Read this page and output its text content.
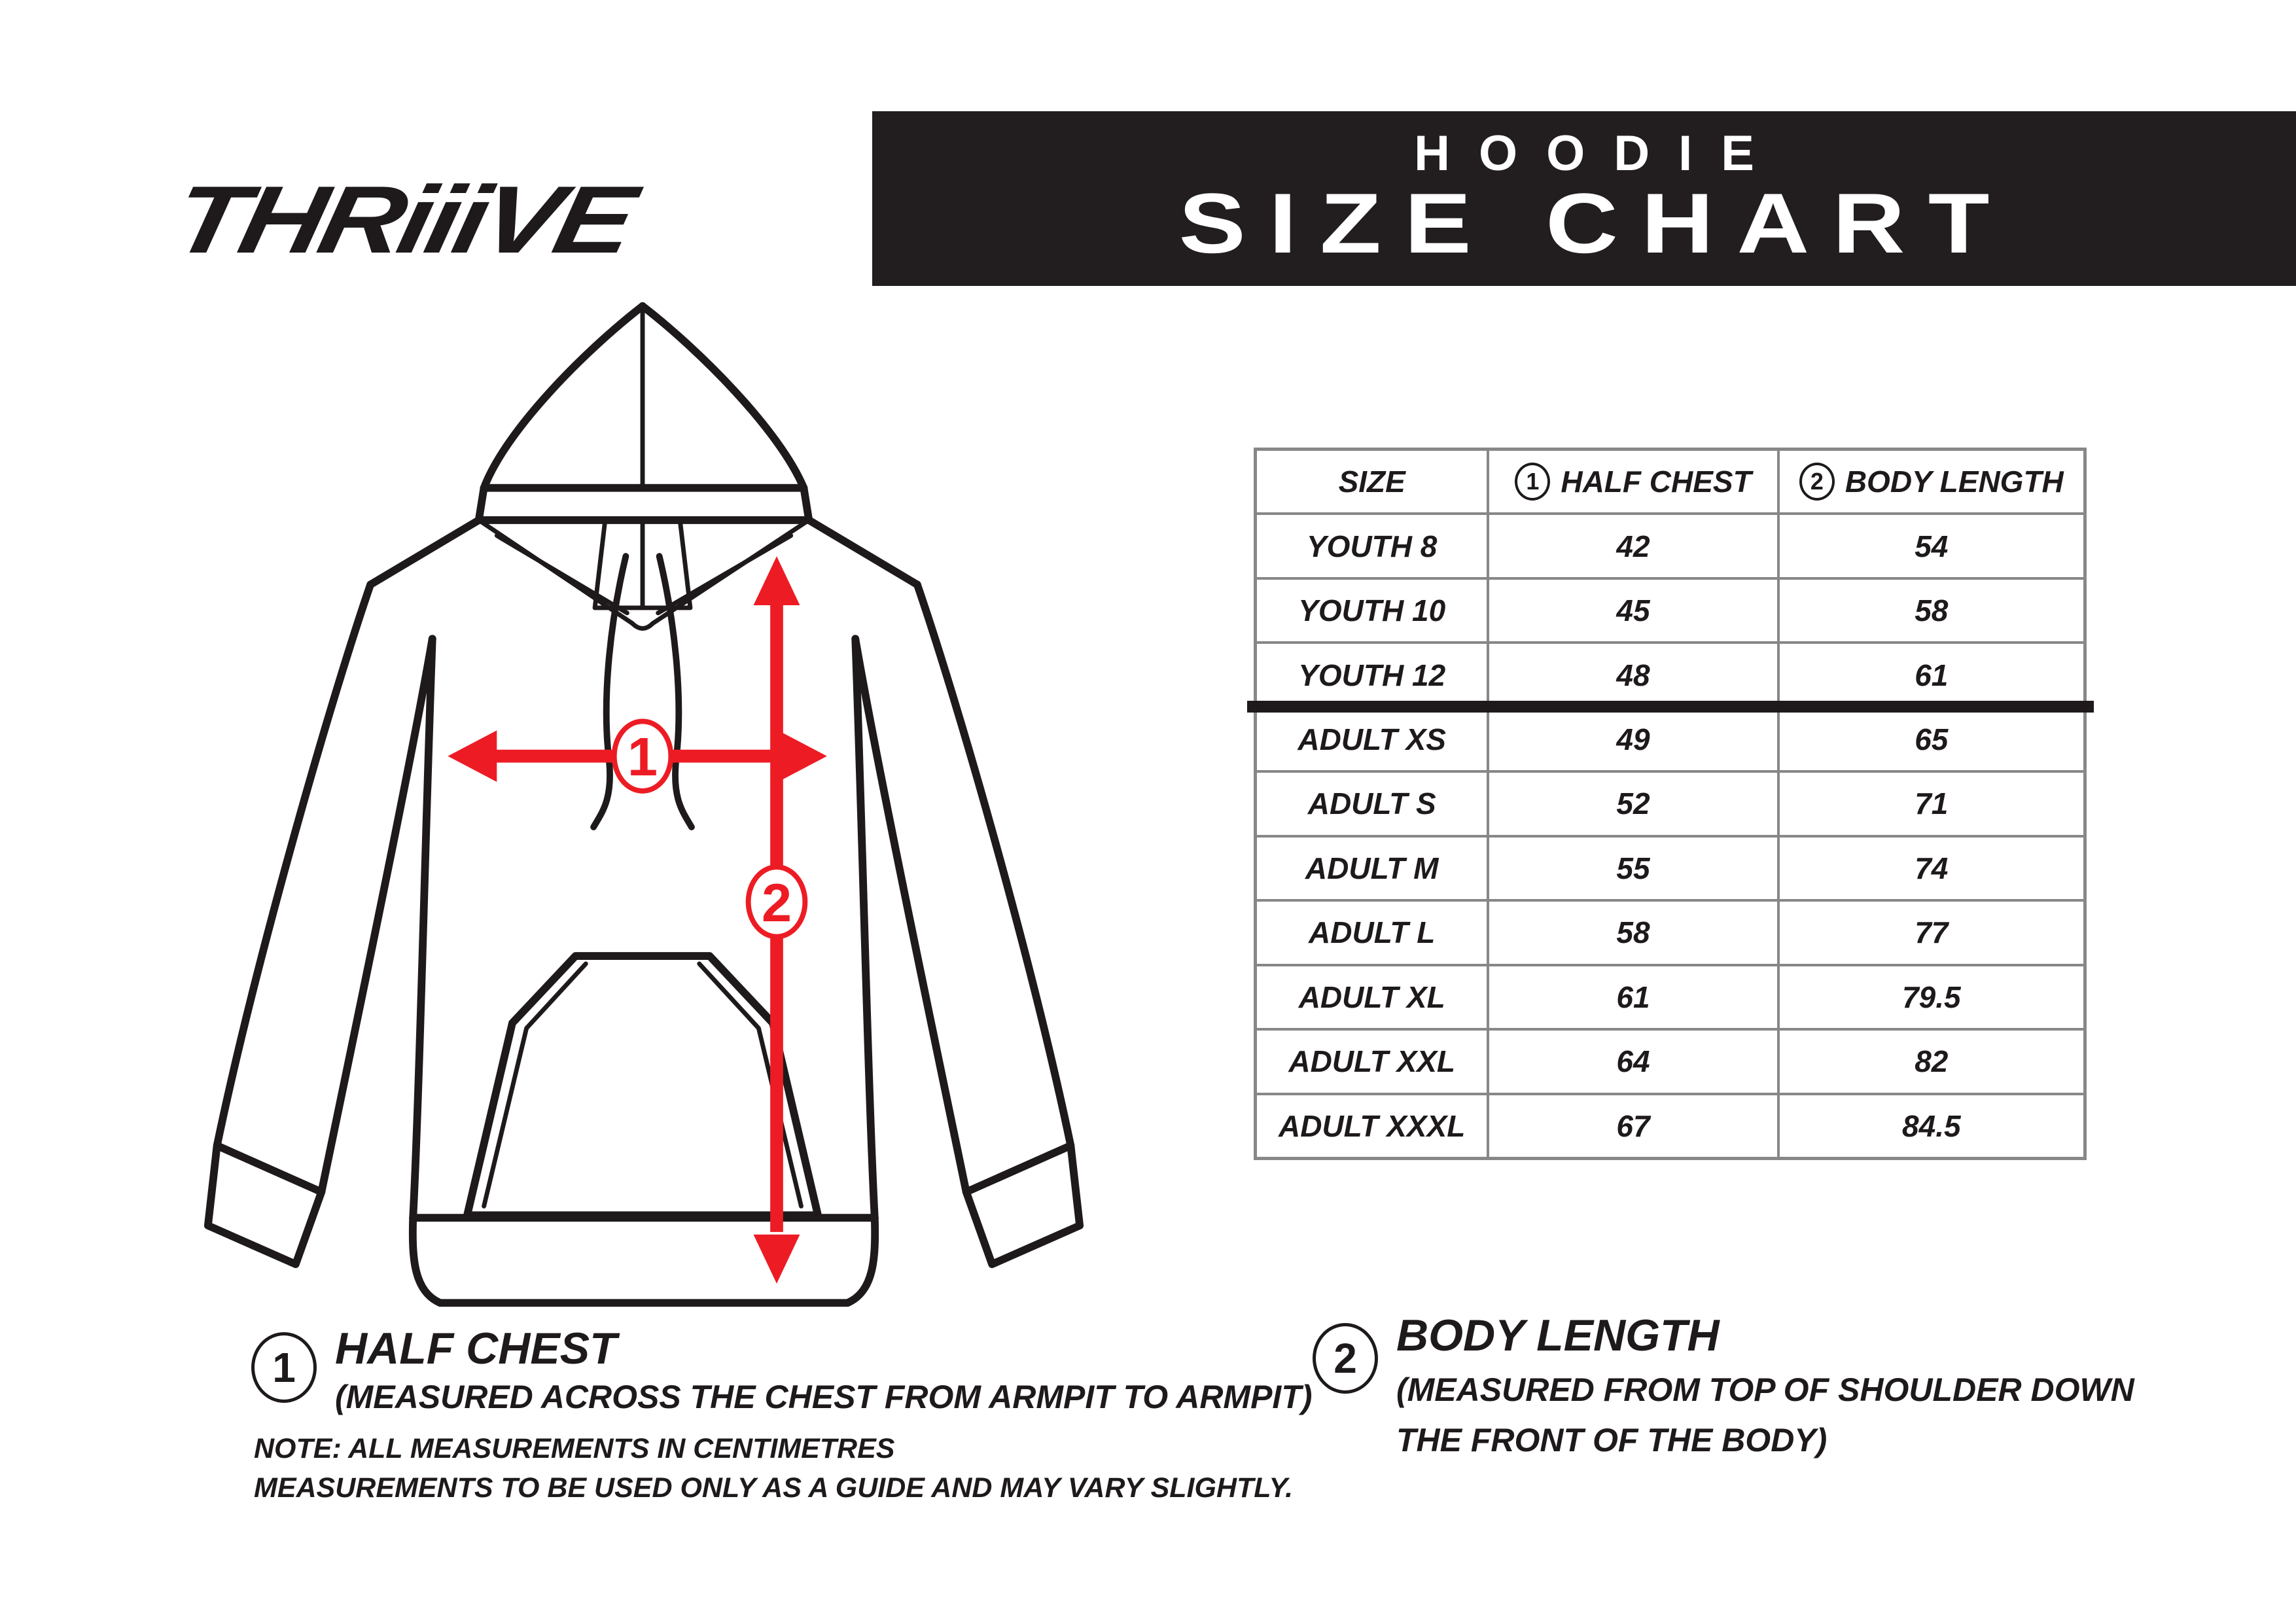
THRiiiVE
HOODIE
SIZE CHART
1
2
SIZE	1 HALF CHEST	2 BODY LENGTH
YOUTH 8	42	54
YOUTH 10	45	58
YOUTH 12	48	61
ADULT XS	49	65
ADULT S	52	71
ADULT M	55	74
ADULT L	58	77
ADULT XL	61	79.5
ADULT XXL	64	82
ADULT XXXL	67	84.5
1 HALF CHEST
(MEASURED ACROSS THE CHEST FROM ARMPIT TO ARMPIT)
2 BODY LENGTH
(MEASURED FROM TOP OF SHOULDER DOWN
THE FRONT OF THE BODY)
NOTE: ALL MEASUREMENTS IN CENTIMETRES
MEASUREMENTS TO BE USED ONLY AS A GUIDE AND MAY VARY SLIGHTLY.
